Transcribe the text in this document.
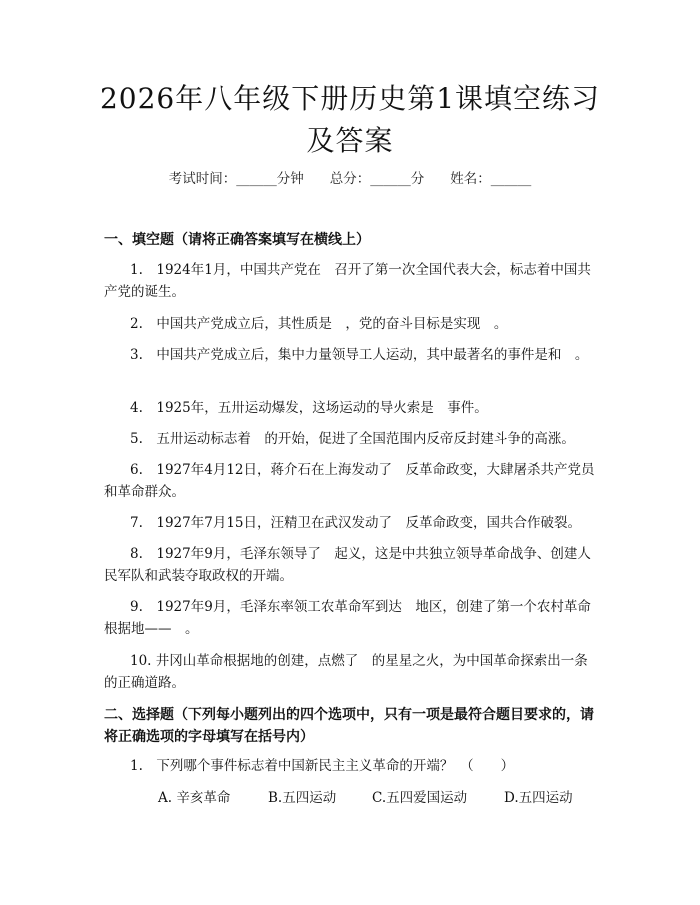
2026年八年级下册历史第1课填空练习及答案
考试时间：______分钟 总分：______分 姓名：______
一、填空题（请将正确答案填写在横线上）
1.　1924年1月，中国共产党在　召开了第一次全国代表大会，标志着中国共产党的诞生。
2.　中国共产党成立后，其性质是　，党的奋斗目标是实现　。
3.　中国共产党成立后，集中力量领导工人运动，其中最著名的事件是和　。
4.　1925年，五卅运动爆发，这场运动的导火索是　事件。
5.　五卅运动标志着　的开始，促进了全国范围内反帝反封建斗争的高涨。
6.　1927年4月12日，蒋介石在上海发动了　反革命政变，大肆屠杀共产党员和革命群众。
7.　1927年7月15日，汪精卫在武汉发动了　反革命政变，国共合作破裂。
8.　1927年9月，毛泽东领导了　起义，这是中共独立领导革命战争、创建人民军队和武装夺取政权的开端。
9.　1927年9月，毛泽东率领工农革命军到达　地区，创建了第一个农村革命根据地——　。
10. 井冈山革命根据地的创建，点燃了　的星星之火，为中国革命探索出一条的正确道路。
二、选择题（下列每小题列出的四个选项中，只有一项是最符合题目要求的，请将正确选项的字母填写在括号内）
1.　下列哪个事件标志着中国新民主主义革命的开端？　（　　）
A. 辛亥革命	B.五四运动	C.五四爱国运动	D.五四运动
